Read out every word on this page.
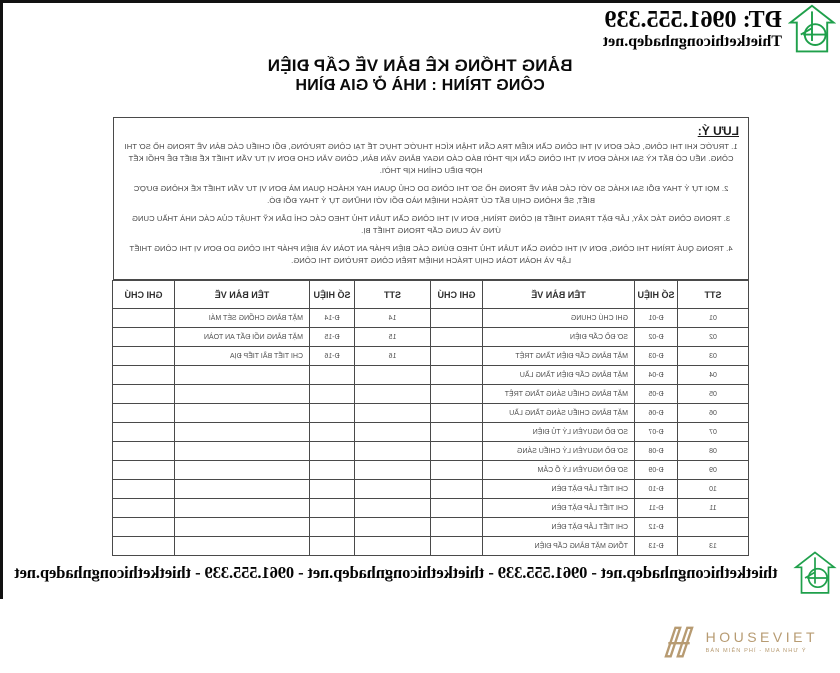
ĐT: 0961.555.339
Thietkethicongnhadep.net
BẢNG THỐNG KÊ BẢN VẼ CẤP ĐIỆN
CÔNG TRÌNH : NHÀ Ở GIA ĐÌNH
LƯU Ý:

1. TRƯỚC KHI THI CÔNG, CÁC ĐƠN VỊ THI CÔNG CẦN KIỂM TRA CẨN THẬN KÍCH THƯỚC THỰC TẾ TẠI CÔNG TRƯỜNG, ĐỐI CHIẾU CÁC BẢN VẼ TRONG HỒ SƠ THI CÔNG. NẾU CÓ BẤT KỲ SAI KHÁC ĐƠN VỊ THI CÔNG CẦN KỊP THỜI BÁO CÁO NGAY BẰNG VĂN BẢN, CÔNG VĂN CHO ĐƠN VỊ TƯ VẤN THIẾT KẾ BIẾT ĐỂ PHỐI KẾT HỢP ĐIỀU CHỈNH KỊP THỜI.

2. MỌI TỰ Ý THAY ĐỔI SAI KHÁC SO VỚI CÁC BẢN VẼ TRONG HỒ SƠ THI CÔNG DO CHỦ QUAN HAY KHÁCH QUAN MÀ ĐƠN VỊ TƯ VẤN THIẾT KẾ KHÔNG ĐƯỢC BIẾT, SẼ KHÔNG CHỊU BẤT CỨ TRÁCH NHIỆM NÀO ĐỐI VỚI NHỮNG TỰ Ý THAY ĐỔI ĐÓ.

3. TRONG CÔNG TÁC XÂY, LẮP ĐẶT TRANG THIẾT BỊ CÔNG TRÌNH, ĐƠN VỊ THI CÔNG CẦN TUÂN THỦ THEO CÁC CHỈ DẪN KỸ THUẬT CỦA CÁC NHÀ THẦU CUNG ỨNG VÀ CUNG CẤP TRONG THIẾT BỊ.

4. TRONG QUÁ TRÌNH THI CÔNG, ĐƠN VỊ THI CÔNG CẦN TUÂN THỦ THEO ĐÚNG CÁC BIỆN PHÁP AN TOÀN VÀ BIỆN PHÁP THI CÔNG DO ĐƠN VỊ THI CÔNG THIẾT LẬP VÀ HOÀN TOÀN CHỊU TRÁCH NHIỆM TRÊN CÔNG TRƯỜNG THI CÔNG.

STT	SỐ HIỆU	TÊN BẢN VẼ	GHI CHÚ	STT	SỐ HIỆU	TÊN BẢN VẼ	GHI CHÚ
01	Đ-01	GHI CHÚ CHUNG		14	Đ-14	MẶT BẰNG CHỐNG SÉT MÁI	
02	Đ-02	SƠ ĐỒ CẤP ĐIỆN		15	Đ-15	MẶT BẰNG NỐI ĐẤT AN TOÀN	
03	Đ-03	MẶT BẰNG CẤP ĐIỆN TẦNG TRỆT		16	Đ-16	CHI TIẾT BÃI TIẾP ĐỊA	
04	Đ-04	MẶT BẰNG CẤP ĐIỆN TẦNG LẦU					
05	Đ-05	MẶT BẰNG CHIẾU SÁNG TẦNG TRỆT					
06	Đ-06	MẶT BẰNG CHIẾU SÁNG TẦNG LẦU					
07	Đ-07	SƠ ĐỒ NGUYÊN LÝ TỦ ĐIỆN					
08	Đ-08	SƠ ĐỒ NGUYÊN LÝ CHIẾU SÁNG					
09	Đ-09	SƠ ĐỒ NGUYÊN LÝ Ổ CẮM					
10	Đ-10	CHI TIẾT LẮP ĐẶT ĐÈN					
11	Đ-11	CHI TIẾT LẮP ĐẶT ĐÈN					
	Đ-12	CHI TIẾT LẮP ĐẶT ĐÈN					
13	Đ-13	TỔNG MẶT BẰNG CẤP ĐIỆN					
thietkethicongnhadep.net - 0961.555.339 - thietkethicongnhadep.net - 0961.555.339 - thietkethicongnhadep.net
HOUSEVIET
BÁN MIỄN PHÍ - MUA NHƯ Ý
